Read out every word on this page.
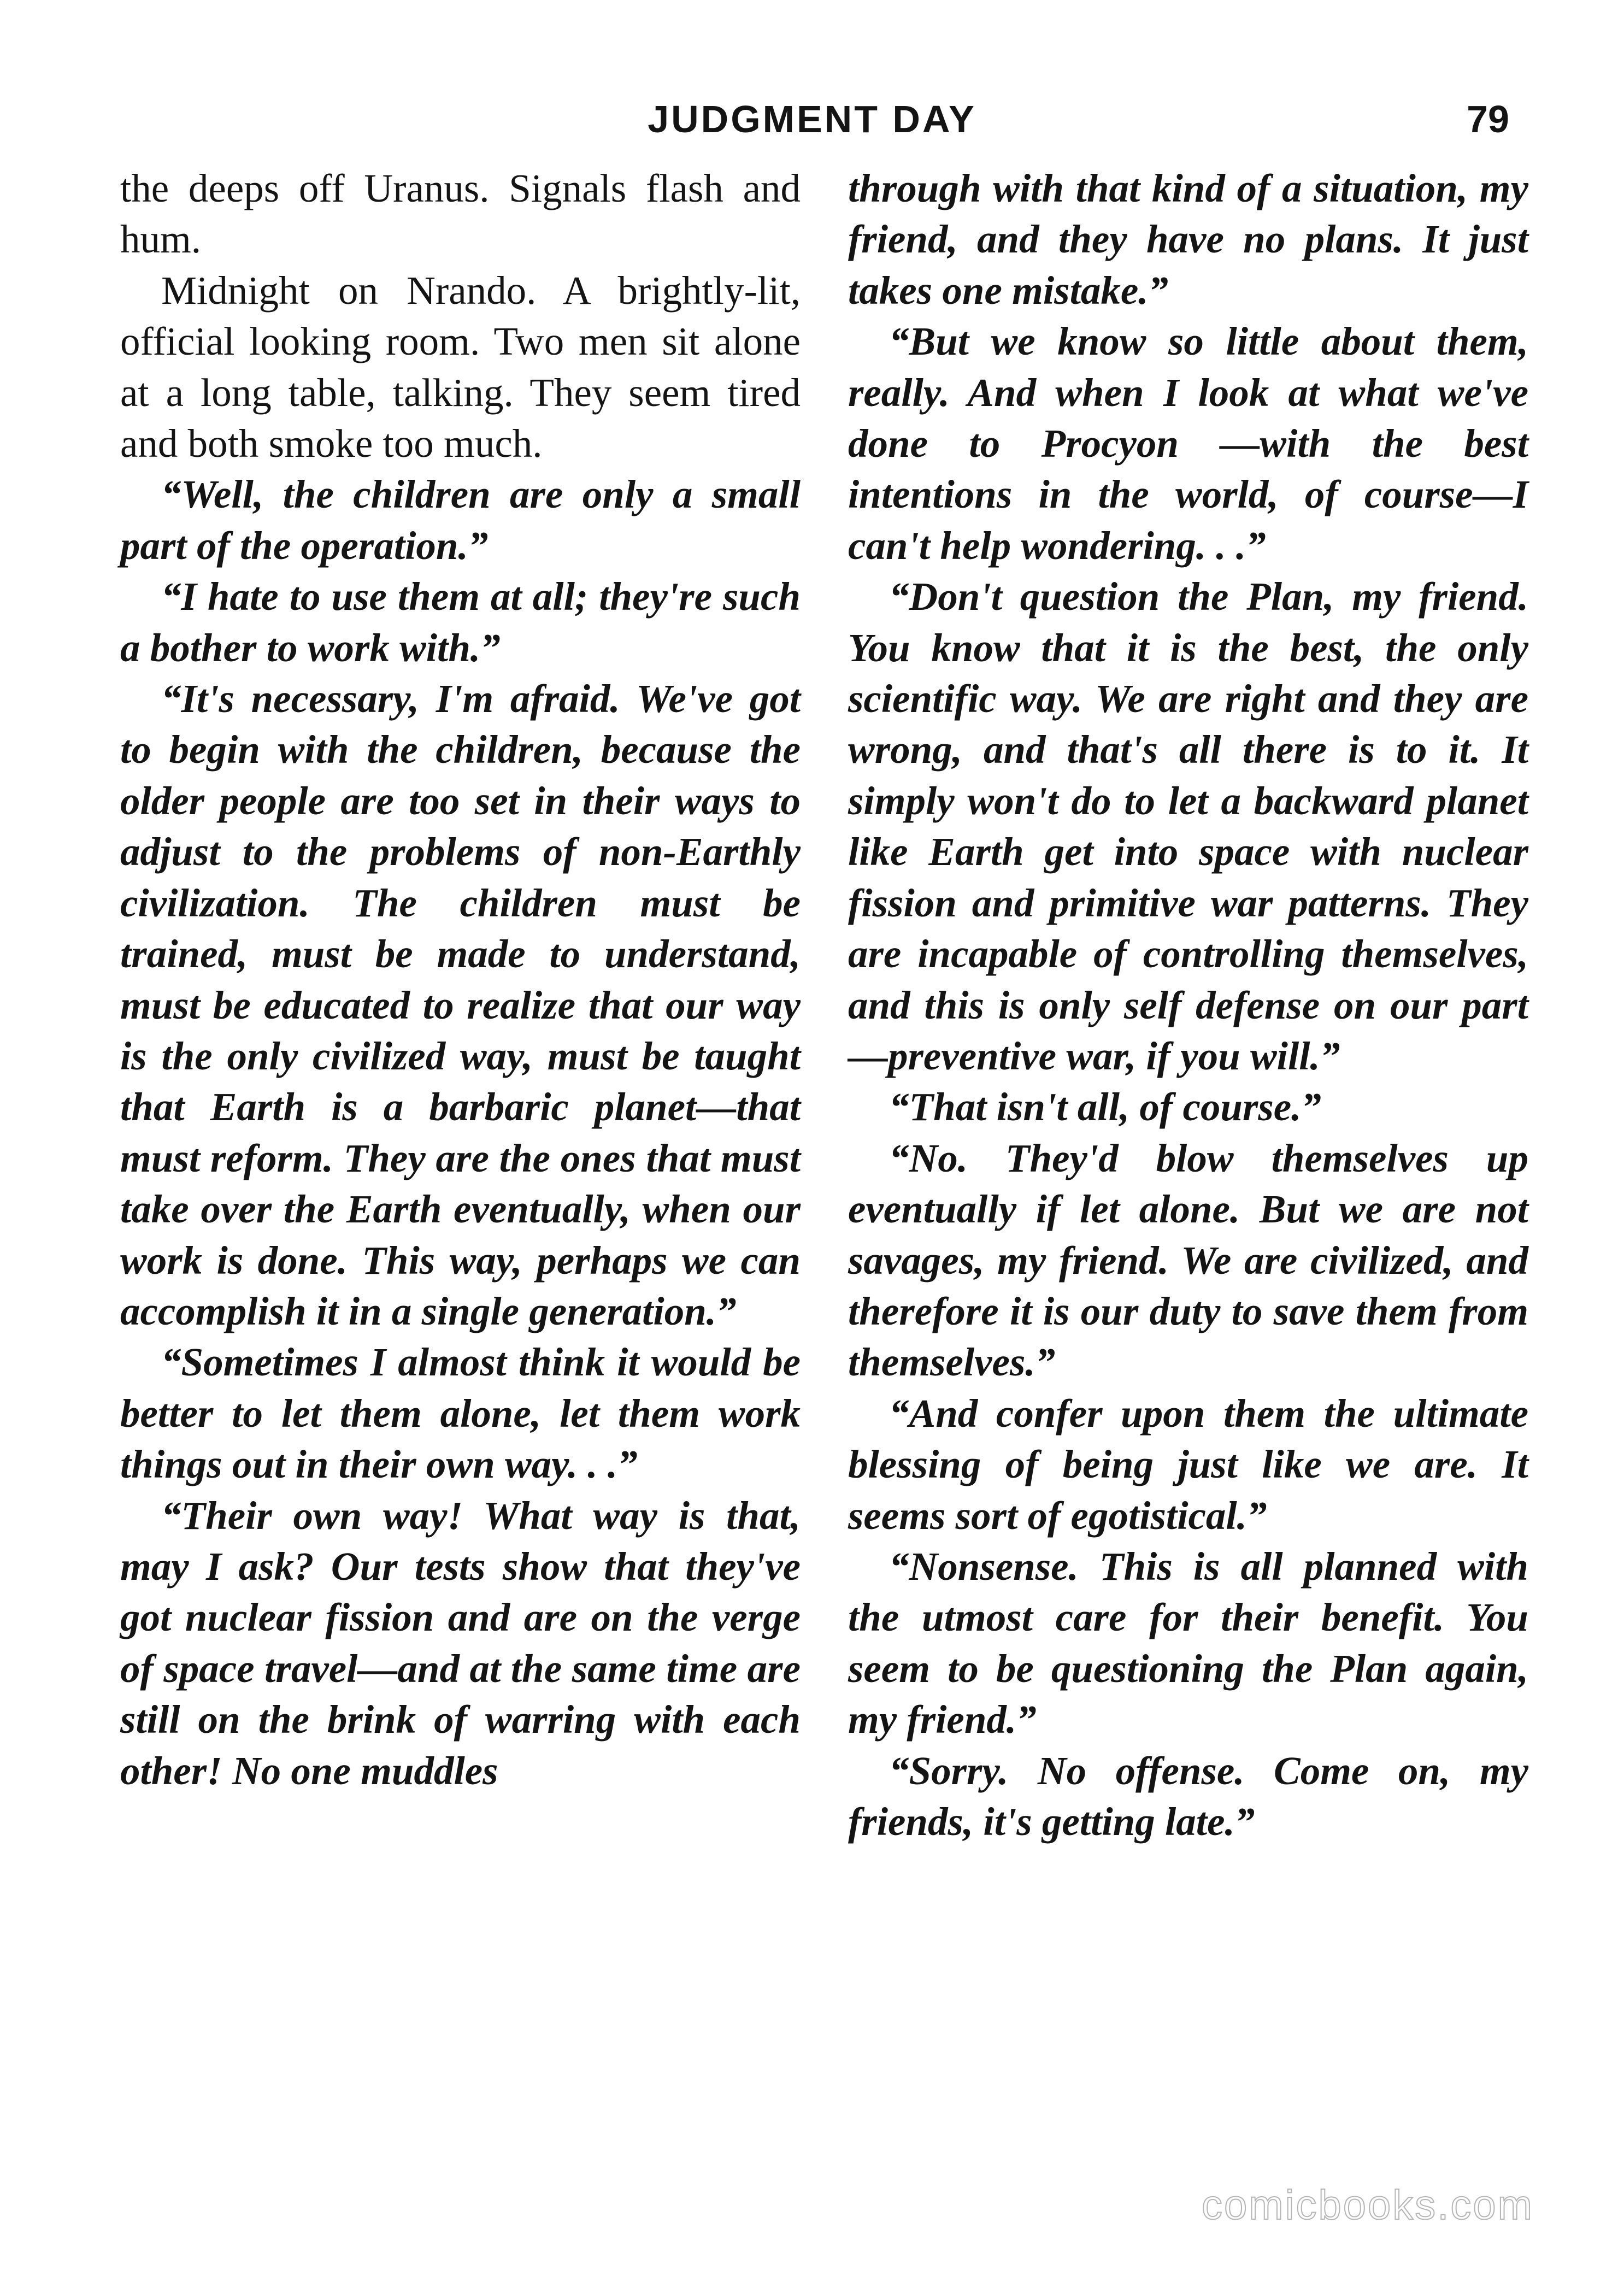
JUDGMENT DAY	79

the deeps off Uranus. Signals flash and hum.

Midnight on Nrando. A brightly-lit, official looking room. Two men sit alone at a long table, talking. They seem tired and both smoke too much.

“Well, the children are only a small part of the operation.”

“I hate to use them at all; they're such a bother to work with.”

“It's necessary, I'm afraid. We've got to begin with the children, because the older people are too set in their ways to adjust to the problems of non-Earthly civilization. The children must be trained, must be made to understand, must be educated to realize that our way is the only civilized way, must be taught that Earth is a barbaric planet—that must reform. They are the ones that must take over the Earth eventually, when our work is done. This way, perhaps we can accomplish it in a single generation.”

“Sometimes I almost think it would be better to let them alone, let them work things out in their own way. . .”

“Their own way! What way is that, may I ask? Our tests show that they've got nuclear fission and are on the verge of space travel—and at the same time are still on the brink of warring with each other! No one muddles

through with that kind of a situation, my friend, and they have no plans. It just takes one mistake.”

“But we know so little about them, really. And when I look at what we've done to Procyon —with the best intentions in the world, of course—I can't help wondering. . .”

“Don't question the Plan, my friend. You know that it is the best, the only scientific way. We are right and they are wrong, and that's all there is to it. It simply won't do to let a backward planet like Earth get into space with nuclear fission and primitive war patterns. They are incapable of controlling themselves, and this is only self defense on our part—preventive war, if you will.”

“That isn't all, of course.”

“No. They'd blow themselves up eventually if let alone. But we are not savages, my friend. We are civilized, and therefore it is our duty to save them from themselves.”

“And confer upon them the ultimate blessing of being just like we are. It seems sort of egotistical.”

“Nonsense. This is all planned with the utmost care for their benefit. You seem to be questioning the Plan again, my friend.”

“Sorry. No offense. Come on, my friends, it's getting late.”

comicbooks.com
